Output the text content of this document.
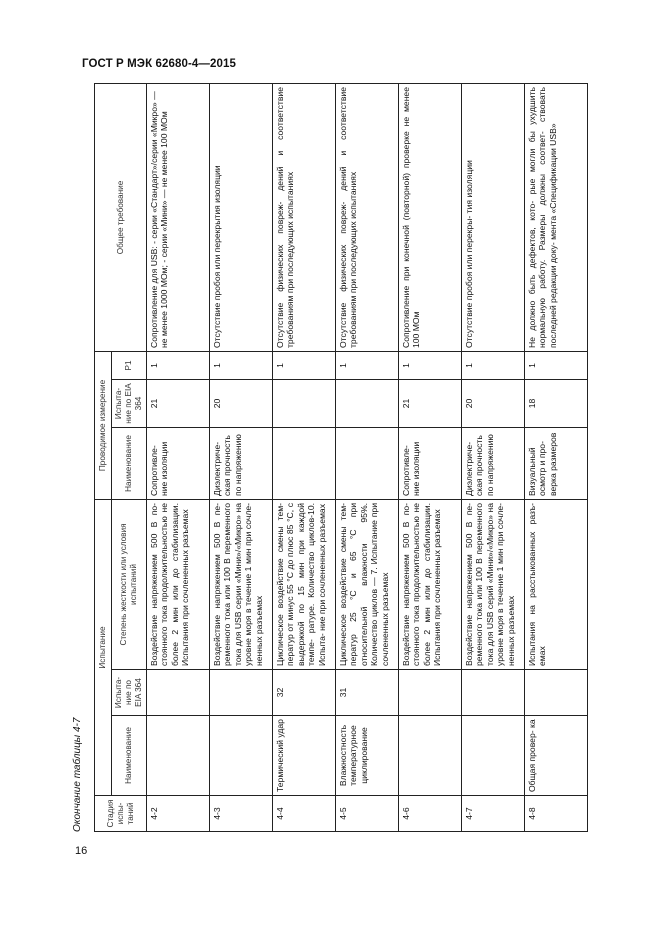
ГОСТ Р МЭК 62680-4—2015
16
Окончание таблицы 4-7	Стадия испы- таний	Испытание			Проводимое измерение			Общее требование
	Наименование	Испыта- ние по EIA 364	Степень жесткости или условия испытаний	Наименование	Испыта- ние по EIA 364	Р1	
4-2			Воздействие напряжением 500 В по- стоянного тока продолжительностью не более 2 мин или до стабилизации. Испытания при сочлененных разъемах	Сопротивле- ние изоляции	21	1	Сопротивление для USB: - серии «Стандарт»/серии «Микро» — не менее 1000 МОм; - серии «Мини» — не менее 100 МОм
4-3			Воздействие напряжением 500 В пе- ременного тока или 100 В переменного тока для USB серии «Мини»/«Микро» на уровне моря в течение 1 мин при сочле- ненных разъемах	Диэлектриче- ская прочность по напряжению	20	1	Отсутствие пробоя или перекрытия изоляции
4-4	Термический удар	32	Циклическое воздействие смены тем- ператур от минус 55 °С до плюс 85 °С, с выдержкой по 15 мин при каждой темпе- ратуре. Количество циклов-10. Испыта- ние при сочлененных разъемах			1	Отсутствие физических повреж- дений и соответствие требованиям при последующих испытаниях
4-5	Влажностность температурное циклирование	31	Циклическое воздействие смены тем- ператур 25 °С и 65 °С при относительной влажности 95%. Количество циклов — 7. Испытание при сочлененных разъемах			1	Отсутствие физических повреж- дений и соответствие требованиям при последующих испытаниях
4-6			Воздействие напряжением 500 В по- стоянного тока продолжительностью не более 2 мин или до стабилизации. Испытания при сочлененных разъемах	Сопротивле- ние изоляции	21	1	Сопротивление при конечной (повторной) проверке не менее 100 МОм
4-7			Воздействие напряжением 500 В пе- ременного тока или 100 В переменного тока для USB серий «Мини»/«Микро» на уровне моря в течение 1 мин при сочле- ненных разъемах	Диэлектриче- ская прочность по напряжению	20	1	Отсутствие пробоя или перекры- тия изоляции
4-8	Общая провер- ка		Испытания на расстыкованных разъ- емах	Визуальный осмотр и про- верка размеров	18	1	Не должно быть дефектов, кото- рые могли бы ухудшить нормальную работу. Размеры должны соответ- ствовать последней редакции доку- мента «Спецификации USB»
